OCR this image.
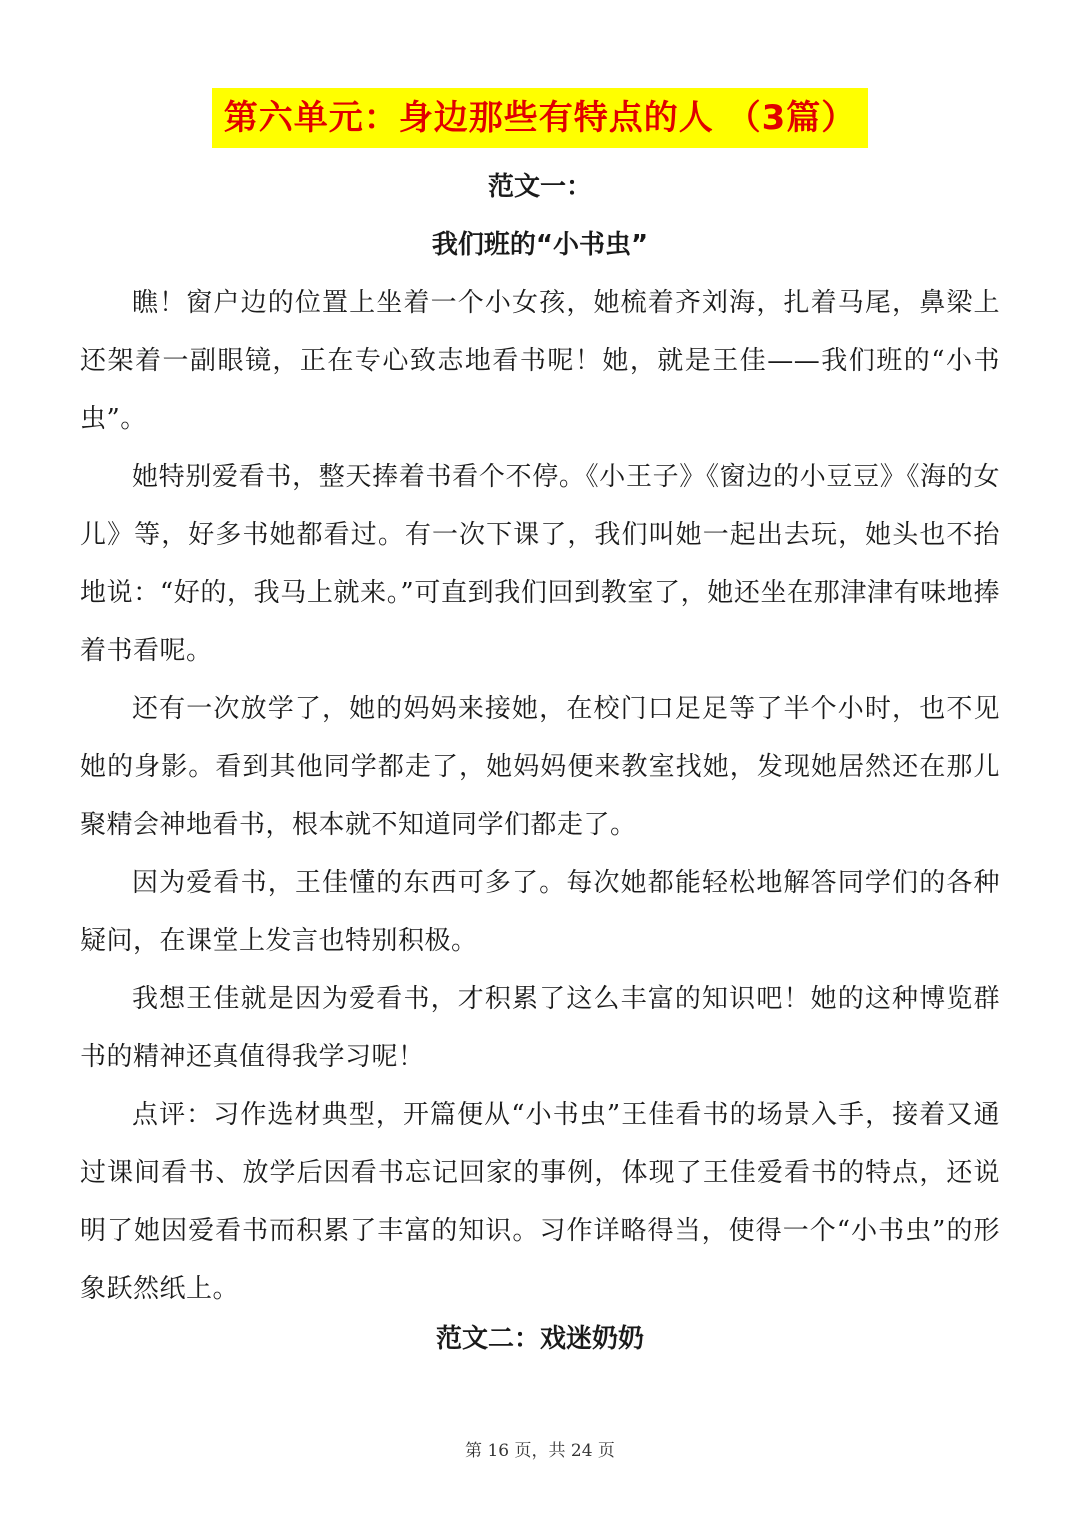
第六单元：身边那些有特点的人 （3篇）
范文一：
我们班的“小书虫”

瞧！窗户边的位置上坐着一个小女孩，她梳着齐刘海，扎着马尾，鼻梁上还架着一副眼镜，正在专心致志地看书呢！她，就是王佳——我们班的“小书虫”。

她特别爱看书，整天捧着书看个不停。《小王子》《窗边的小豆豆》《海的女儿》等，好多书她都看过。有一次下课了，我们叫她一起出去玩，她头也不抬地说：“好的，我马上就来。”可直到我们回到教室了，她还坐在那津津有味地捧着书看呢。

还有一次放学了，她的妈妈来接她，在校门口足足等了半个小时，也不见她的身影。看到其他同学都走了，她妈妈便来教室找她，发现她居然还在那儿聚精会神地看书，根本就不知道同学们都走了。

因为爱看书，王佳懂的东西可多了。每次她都能轻松地解答同学们的各种疑问，在课堂上发言也特别积极。

我想王佳就是因为爱看书，才积累了这么丰富的知识吧！她的这种博览群书的精神还真值得我学习呢！

点评：习作选材典型，开篇便从“小书虫”王佳看书的场景入手，接着又通过课间看书、放学后因看书忘记回家的事例，体现了王佳爱看书的特点，还说明了她因爱看书而积累了丰富的知识。习作详略得当，使得一个“小书虫”的形象跃然纸上。

范文二：戏迷奶奶
第 16 页，共 24 页
